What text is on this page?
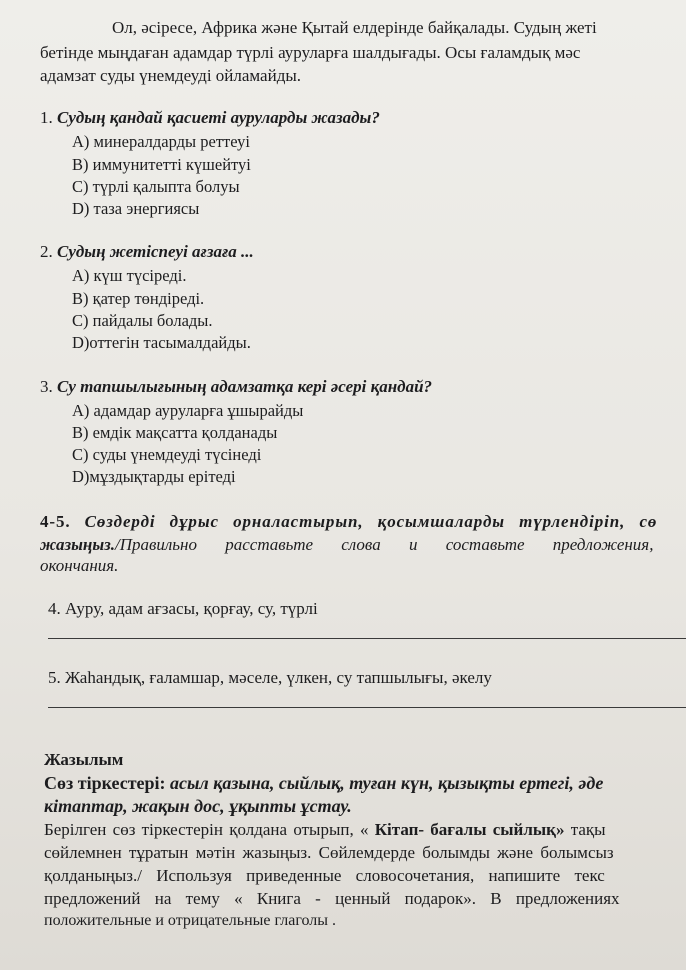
Ол, әсіресе, Африка және Қытай елдерінде байқалады. Судың жеті
бетінде мыңдаған адамдар түрлі ауруларға шалдығады. Осы ғаламдық мәс
адамзат суды үнемдеуді ойламайды.
1. Судың қандай қасиеті ауруларды жазады?
A) минералдарды реттеуі
B) иммунитетті күшейтуі
C) түрлі қалыпта болуы
D) таза энергиясы
2. Судың жетіспеуі ағзаға ...
A) күш түсіреді.
B) қатер төндіреді.
C) пайдалы болады.
D)оттегін тасымалдайды.
3. Су тапшылығының адамзатқа кері әсері қандай?
A) адамдар ауруларға ұшырайды
B) емдік мақсатта қолданады
C) суды үнемдеуді түсінеді
D)мұздықтарды ерітеді
4-5. Сөздерді дұрыс орналастырып, қосымшаларды түрлендіріп, сө
жазыңыз./Правильно расставьте слова и составьте предложения,
окончания.
4. Ауру, адам ағзасы, қорғау, су, түрлі
5. Жаһандық, ғаламшар, мәселе, үлкен, су тапшылығы, әкелу
Жазылым
Сөз тіркестері: асыл қазына, сыйлық, туған күн, қызықты ертегі, әде
кітаптар, жақын дос, ұқыпты ұстау.
Берілген сөз тіркестерін қолдана отырып, « Кітап- бағалы сыйлық» тақы
сөйлемнен тұратын мәтін жазыңыз. Сөйлемдерде болымды және болымсыз
қолданыңыз./ Используя приведенные словосочетания, напишите текс
предложений на тему « Книга - ценный подарок». В предложениях
положительные и отрицательные глаголы .
